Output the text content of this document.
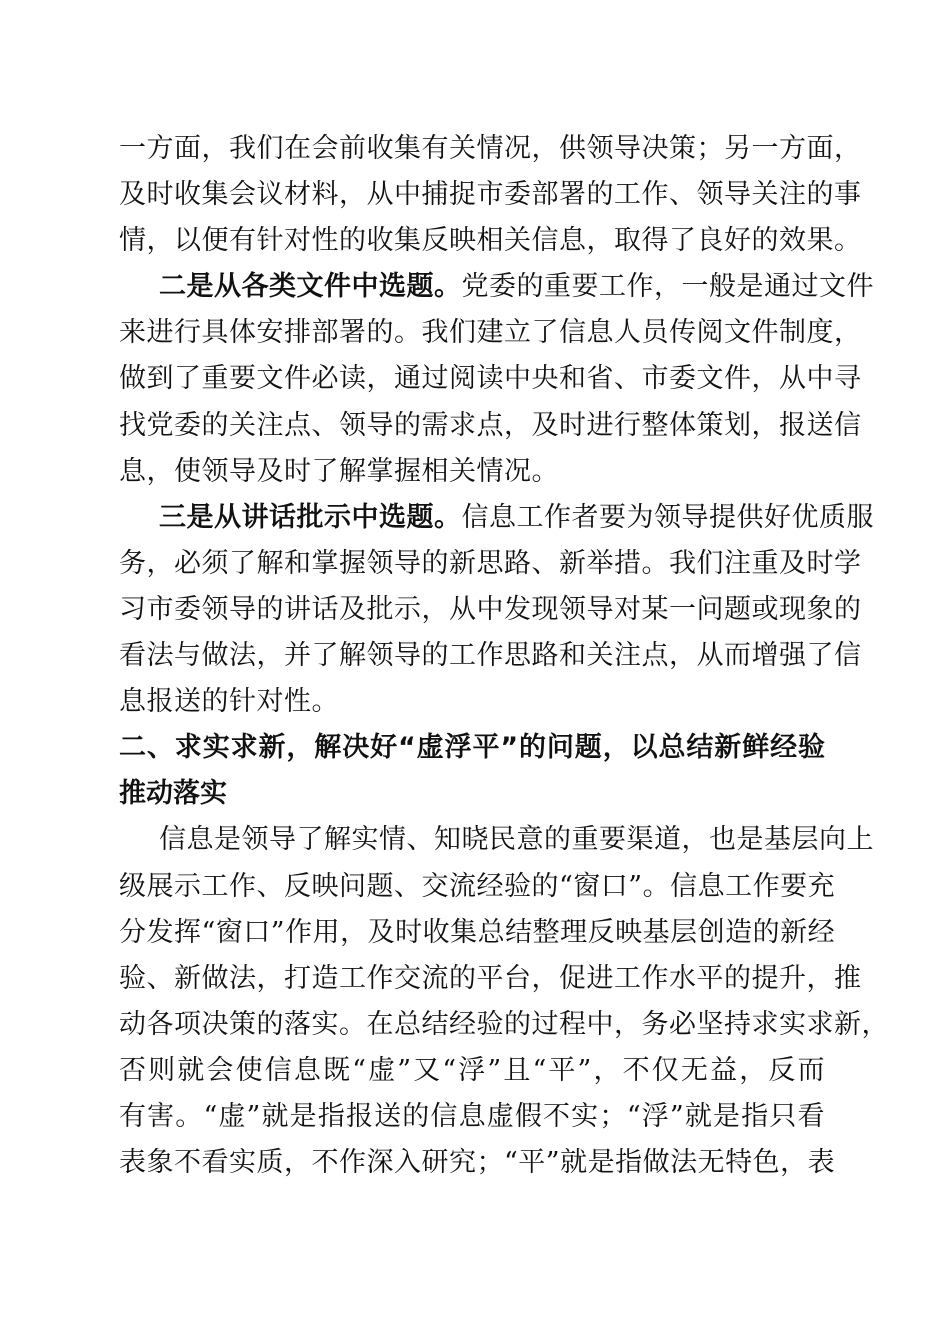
一方面，我们在会前收集有关情况，供领导决策；另一方面，
及时收集会议材料，从中捕捉市委部署的工作、领导关注的事
情，以便有针对性的收集反映相关信息，取得了良好的效果。
二是从各类文件中选题。党委的重要工作，一般是通过文件
来进行具体安排部署的。我们建立了信息人员传阅文件制度，
做到了重要文件必读，通过阅读中央和省、市委文件，从中寻
找党委的关注点、领导的需求点，及时进行整体策划，报送信
息，使领导及时了解掌握相关情况。
三是从讲话批示中选题。信息工作者要为领导提供好优质服
务，必须了解和掌握领导的新思路、新举措。我们注重及时学
习市委领导的讲话及批示，从中发现领导对某一问题或现象的
看法与做法，并了解领导的工作思路和关注点，从而增强了信
息报送的针对性。
二、求实求新，解决好“虚浮平”的问题，以总结新鲜经验
推动落实
信息是领导了解实情、知晓民意的重要渠道，也是基层向上
级展示工作、反映问题、交流经验的“窗口”。信息工作要充
分发挥“窗口”作用，及时收集总结整理反映基层创造的新经
验、新做法，打造工作交流的平台，促进工作水平的提升，推
动各项决策的落实。在总结经验的过程中，务必坚持求实求新，
否则就会使信息既“虚”又“浮”且“平”，不仅无益，反而
有害。“虚”就是指报送的信息虚假不实；“浮”就是指只看
表象不看实质，不作深入研究；“平”就是指做法无特色，表
